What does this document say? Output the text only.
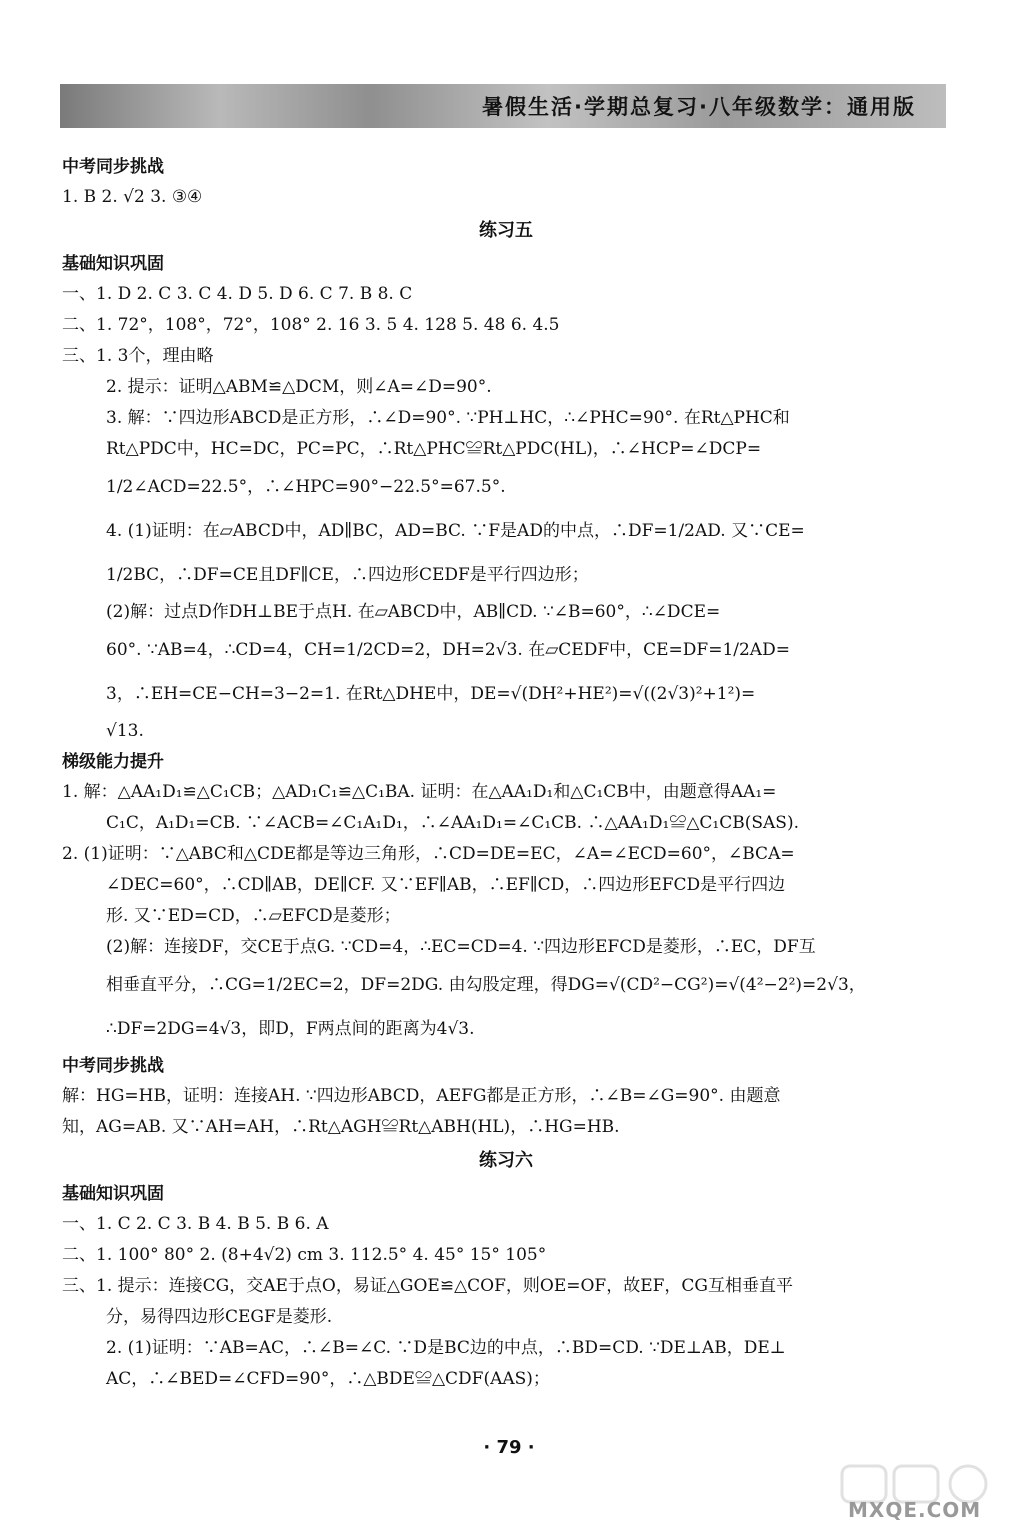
暑假生活·学期总复习·八年级数学：通用版

中考同步挑战

1. B 2. √2 3. ③④

练习五

基础知识巩固

一、1. D 2. C 3. C 4. D 5. D 6. C 7. B 8. C

二、1. 72°，108°，72°，108° 2. 16 3. 5 4. 128 5. 48 6. 4.5

三、1. 3个，理由略

2. 提示：证明△ABM≌△DCM，则∠A=∠D=90°.

3. 解：∵四边形ABCD是正方形，∴∠D=90°. ∵PH⊥HC，∴∠PHC=90°. 在Rt△PHC和

Rt△PDC中，HC=DC，PC=PC，∴Rt△PHC≌Rt△PDC(HL)，∴∠HCP=∠DCP=

1/2∠ACD=22.5°，∴∠HPC=90°−22.5°=67.5°.

4. (1)证明：在▱ABCD中，AD∥BC，AD=BC. ∵F是AD的中点，∴DF=1/2AD. 又∵CE=

1/2BC，∴DF=CE且DF∥CE，∴四边形CEDF是平行四边形；

(2)解：过点D作DH⊥BE于点H. 在▱ABCD中，AB∥CD. ∵∠B=60°，∴∠DCE=

60°. ∵AB=4，∴CD=4，CH=1/2CD=2，DH=2√3. 在▱CEDF中，CE=DF=1/2AD=

3，∴EH=CE−CH=3−2=1. 在Rt△DHE中，DE=√(DH²+HE²)=√((2√3)²+1²)=

√13.

梯级能力提升

1. 解：△AA₁D₁≌△C₁CB；△AD₁C₁≌△C₁BA. 证明：在△AA₁D₁和△C₁CB中，由题意得AA₁=

C₁C，A₁D₁=CB. ∵∠ACB=∠C₁A₁D₁，∴∠AA₁D₁=∠C₁CB. ∴△AA₁D₁≌△C₁CB(SAS).

2. (1)证明：∵△ABC和△CDE都是等边三角形，∴CD=DE=EC，∠A=∠ECD=60°，∠BCA=

∠DEC=60°，∴CD∥AB，DE∥CF. 又∵EF∥AB，∴EF∥CD，∴四边形EFCD是平行四边

形. 又∵ED=CD，∴▱EFCD是菱形；

(2)解：连接DF，交CE于点G. ∵CD=4，∴EC=CD=4. ∵四边形EFCD是菱形，∴EC，DF互

相垂直平分，∴CG=1/2EC=2，DF=2DG. 由勾股定理，得DG=√(CD²−CG²)=√(4²−2²)=2√3，

∴DF=2DG=4√3，即D，F两点间的距离为4√3.

中考同步挑战

解：HG=HB，证明：连接AH. ∵四边形ABCD，AEFG都是正方形，∴∠B=∠G=90°. 由题意

知，AG=AB. 又∵AH=AH，∴Rt△AGH≌Rt△ABH(HL)，∴HG=HB.

练习六

基础知识巩固

一、1. C 2. C 3. B 4. B 5. B 6. A

二、1. 100° 80° 2. (8+4√2) cm 3. 112.5° 4. 45° 15° 105°

三、1. 提示：连接CG，交AE于点O，易证△GOE≌△COF，则OE=OF，故EF，CG互相垂直平

分，易得四边形CEGF是菱形.

2. (1)证明：∵AB=AC，∴∠B=∠C. ∵D是BC边的中点，∴BD=CD. ∵DE⊥AB，DE⊥

AC，∴∠BED=∠CFD=90°，∴△BDE≌△CDF(AAS)；

· 79 ·
MXQE.COM
